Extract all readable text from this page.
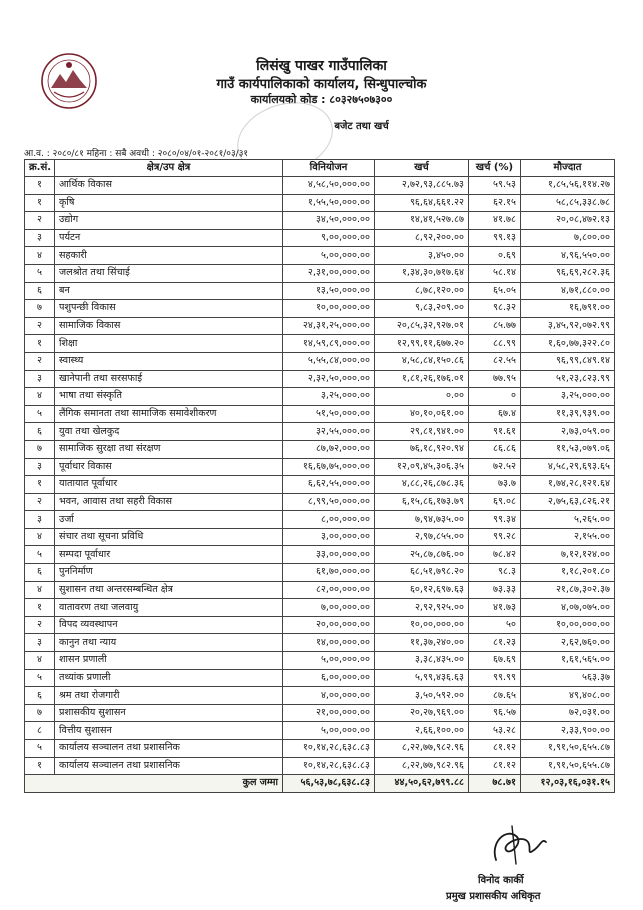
लिसंखु पाखर गाउँपालिका
गाउँ कार्यपालिकाको कार्यालय, सिन्धुपाल्चोक
कार्यालयको कोड : ८०३२७५०७३००
बजेट तथा खर्च
आ.व. : २०८०/८१ महिना : सबै अवधी : २०८०/०४/०१-२०८१/०३/३१
क्र.सं.	क्षेत्र/उप क्षेत्र	विनियोजन	खर्च	खर्च (%)	मौज्दात
१	आर्थिक विकास	४,५८,५०,०००.००	२,७२,९३,८८५.७३	५९.५३	१,८५,५६,११४.२७
१	कृषि	१,५५,५०,०००.००	९६,६४,६६१.२२	६२.१५	५८,८५,३३८.७८
२	उद्योग	३४,५०,०००.००	१४,४१,५२७.८७	४१.७८	२०,०८,४७२.१३
३	पर्यटन	९,००,०००.००	८,९२,२००.००	९९.१३	७,८००.००
४	सहकारी	५,००,०००.००	३,४५०.००	०.६९	४,९६,५५०.००
५	जलश्रोत तथा सिंचाई	२,३१,००,०००.००	१,३४,३०,७१७.६४	५८.१४	९६,६९,२८२.३६
६	बन	१३,५०,०००.००	८,७८,१२०.००	६५.०५	४,७१,८८०.००
७	पशुपन्छी विकास	१०,००,०००.००	९,८३,२०९.००	९८.३२	१६,७९१.००
२	सामाजिक विकास	२४,३१,२५,०००.००	२०,८५,३२,९२७.०१	८५.७७	३,४५,९२,०७२.९९
१	शिक्षा	१४,५९,८९,०००.००	१२,९९,११,६७७.२०	८८.९९	१,६०,७७,३२२.८०
२	स्वास्थ्य	५,५५,८४,०००.००	४,५८,८४,१५०.८६	८२.५५	९६,९९,८४९.१४
३	खानेपानी तथा सरसफाई	२,३२,५०,०००.००	१,८१,२६,१७६.०१	७७.९५	५१,२३,८२३.९९
४	भाषा तथा संस्कृति	३,२५,०००.००	०.००	०	३,२५,०००.००
५	लैंगिक समानता तथा सामाजिक समावेशीकरण	५१,५०,०००.००	४०,१०,०६१.००	६७.४	११,३९,९३९.००
६	युवा तथा खेलकुद	३२,५५,०००.००	२९,८१,९४१.००	९१.६१	२,७३,०५९.००
७	सामाजिक सुरक्षा तथा संरक्षण	८७,७२,०००.००	७६,१८,९२०.९४	८६.८६	११,५३,०७९.०६
३	पूर्वाधार विकास	१६,६७,७५,०००.००	१२,०९,४५,३०६.३५	७२.५२	४,५८,२९,६९३.६५
१	यातायात पूर्वाधार	६,६२,५५,०००.००	४,८८,२६,८७८.३६	७३.७	१,७४,२८,१२१.६४
२	भवन, आवास तथा सहरी विकास	८,९९,५०,०००.००	६,१५,८६,१७३.७९	६९.०८	२,७५,६३,८२६.२१
३	उर्जा	८,००,०००.००	७,९४,७३५.००	९९.३४	५,२६५.००
४	संचार तथा सूचना प्रविधि	३,००,०००.००	२,९७,८५५.००	९९.२८	२,१५५.००
५	सम्पदा पूर्वाधार	३३,००,०००.००	२५,८७,८७६.००	७८.४२	७,१२,१२४.००
६	पुननिर्माण	६१,७०,०००.००	६८,५१,७९८.२०	९८.३	१,१८,२०१.८०
४	सुशासन तथा अन्तरसम्बन्धित क्षेत्र	८२,००,०००.००	६०,१२,६९७.६३	७३.३३	२१,८७,३०२.३७
१	वातावरण तथा जलवायु	७,००,०००.००	२,९२,९२५.००	४१.७३	४,०७,०७५.००
२	विपद व्यवस्थापन	२०,००,०००.००	१०,००,०००.००	५०	१०,००,०००.००
३	कानुन तथा न्याय	१४,००,०००.००	११,३७,२४०.००	८१.२३	२,६२,७६०.००
४	शासन प्रणाली	५,००,०००.००	३,३८,४३५.००	६७.६९	१,६१,५६५.००
५	तथ्यांक प्रणाली	६,००,०००.००	५,९९,४३६.६३	९९.९९	५६३.३७
६	श्रम तथा रोजगारी	४,००,०००.००	३,५०,५९२.००	८७.६५	४९,४०८.००
७	प्रशासकीय सुशासन	२१,००,०००.००	२०,२७,९६९.००	९६.५७	७२,०३१.००
८	वित्तीय सुशासन	५,००,०००.००	२,६६,१००.००	५३.२८	२,३३,९००.००
५	कार्यालय सञ्चालन तथा प्रशासनिक	१०,१४,२८,६३८.८३	८,२२,७७,९८२.९६	८१.१२	१,९१,५०,६५५.८७
१	कार्यालय सञ्चालन तथा प्रशासनिक	१०,१४,२८,६३८.८३	८,२२,७७,९८२.९६	८१.१२	१,९१,५०,६५५.८७
कुल जम्मा		५६,५३,७८,६३८.८३	४४,५०,६२,७९९.८८	७८.७१	१२,०३,१६,०३१.१५
विनोद कार्की
प्रमुख प्रशासकीय अधिकृत
